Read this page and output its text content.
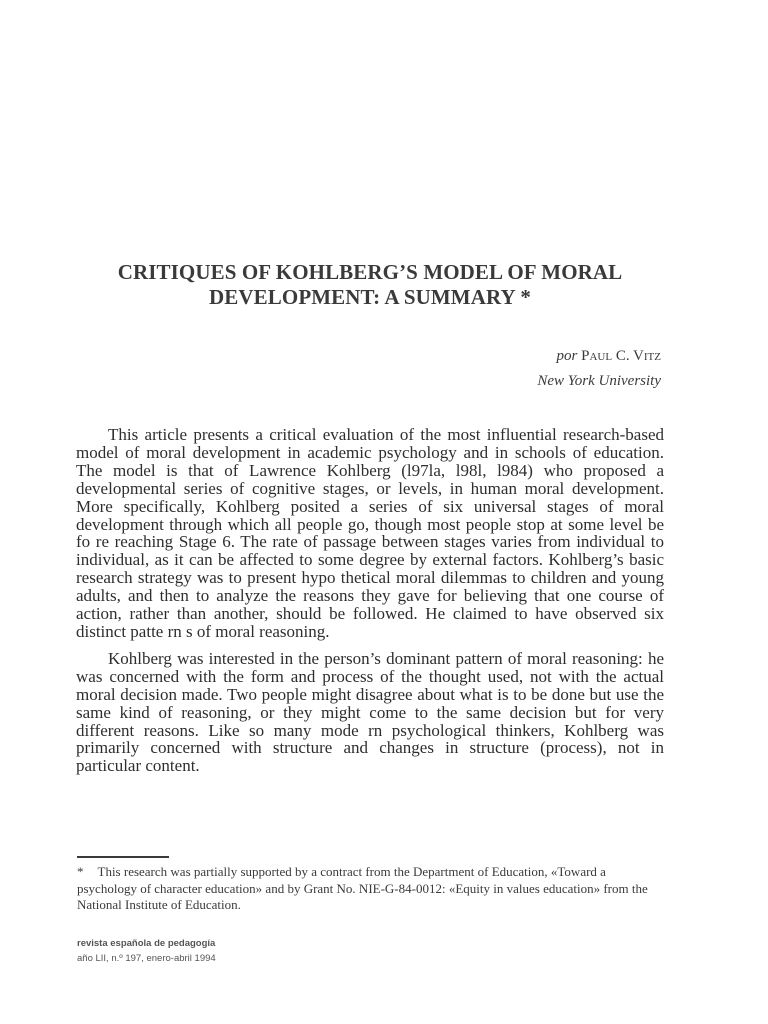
CRITIQUES OF KOHLBERG’S MODEL OF MORAL
DEVELOPMENT: A SUMMARY *
por Paul C. Vitz
New York University

This article presents a critical evaluation of the most influential research-based model of moral development in academic psychology and in schools of education. The model is that of Lawrence Kohlberg (l97la, l98l, l984) who proposed a developmental series of cognitive stages, or levels, in human moral development. More specifically, Kohlberg posited a series of six universal stages of moral development through which all people go, though most people stop at some level be fo re reaching Stage 6. The rate of passage between stages varies from individual to individual, as it can be affected to some degree by external factors. Kohlberg’s basic research strategy was to present hypo thetical moral dilemmas to children and young adults, and then to analyze the reasons they gave for believing that one course of action, rather than another, should be followed. He claimed to have observed six distinct patte rn s of moral reasoning.

Kohlberg was interested in the person’s dominant pattern of moral reasoning: he was concerned with the form and process of the thought used, not with the actual moral decision made. Two people might disagree about what is to be done but use the same kind of reasoning, or they might come to the same decision but for very different reasons. Like so many mode rn psychological thinkers, Kohlberg was primarily concerned with structure and changes in structure (process), not in particular content.

* This research was partially supported by a contract from the Department of Education, «Toward a psychology of character education» and by Grant No. NIE-G-84-0012: «Equity in values education» from the National Institute of Education.
revista española de pedagogía
año LII, n.º 197, enero-abril 1994
